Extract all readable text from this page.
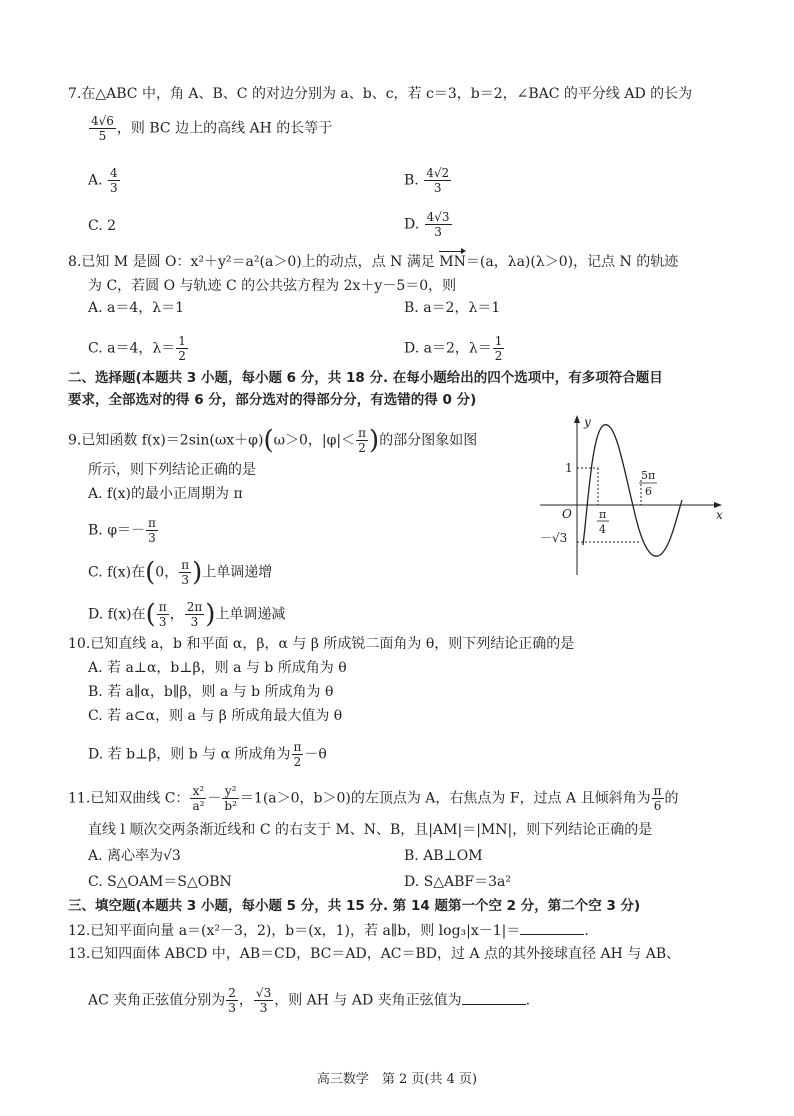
7.在△ABC 中，角 A、B、C 的对边分别为 a、b、c，若 c＝3，b＝2，∠BAC 的平分线 AD 的长为
$\frac{4√6}{5}$ ，则 BC 边上的高线 AH 的长等于
A. $\frac{4}{3}$	B. $\frac{4√2}{3}$
C. 2	D. $\frac{4√3}{3}$
8.已知 M 是圆 O：x²＋y²＝a²(a＞0)上的动点，点 N 满足 MN＝(a，λa)(λ＞0)，记点 N 的轨迹
为 C，若圆 O 与轨迹 C 的公共弦方程为 2x＋y－5＝0，则
A. a＝4，λ＝1	B. a＝2，λ＝1
C. a＝4，$\lambda= \frac{1}{2}$	D. a＝2，$\lambda= \frac{1}{2}$
二、选择题(本题共 3 小题，每小题 6 分，共 18 分. 在每小题给出的四个选项中，有多项符合题目
要求，全部选对的得 6 分，部分选对的得部分分，有选错的得 0 分)
9.已知函数 f(x)＝2sin(ωx＋φ)(ω＞0，$|\varphi|< \frac{\pi}{2}$ )的部分图象如图
所示，则下列结论正确的是
A. f(x)的最小正周期为 π
B. $\varphi=- \frac{\pi}{3}$
C. f(x)在(0， $\frac{\pi}{3}$ )上单调递增
D. f(x)在( $\frac{\pi}{3}$ ， $\frac{2\pi}{3}$ )上单调递减
y
x
O
1
－√3
π
4
5π
6
10.已知直线 a，b 和平面 α，β，α 与 β 所成锐二面角为 θ，则下列结论正确的是
A. 若 a⊥α，b⊥β，则 a 与 b 所成角为 θ
B. 若 a∥α，b∥β，则 a 与 b 所成角为 θ
C. 若 a⊂α，则 a 与 β 所成角最大值为 θ
D. 若 b⊥β，则 b 与 α 所成角为 $\frac{\pi}{2} -\theta$
11.已知双曲线 C： $\frac{\text{x²}}{\text{a²}} - \frac{\text{y²}}{\text{b²}} =1(a>0$，b＞0)的左顶点为 A，右焦点为 F，过点 A 且倾斜角为 $\frac{\pi}{6}$ 的
直线 l 顺次交两条渐近线和 C 的右支于 M、N、B，且|AM|＝|MN|，则下列结论正确的是
A. 离心率为√3	B. AB⊥OM
C. S△OAM＝S△OBN	D. S△ABF＝3a²
三、填空题(本题共 3 小题，每小题 5 分，共 15 分. 第 14 题第一个空 2 分，第二个空 3 分)
12.已知平面向量 a＝(x²－3，2)，b＝(x，1)，若 a∥b，则 log₃|x－1|＝	.
13.已知四面体 ABCD 中，AB＝CD，BC＝AD，AC＝BD，过 A 点的其外接球直径 AH 与 AB、
AC 夹角正弦值分别为 $\frac{2}{3}$ ， $\frac{√3}{3}$ ，则 AH 与 AD 夹角正弦值为	.
高三数学　第 2 页(共 4 页)
